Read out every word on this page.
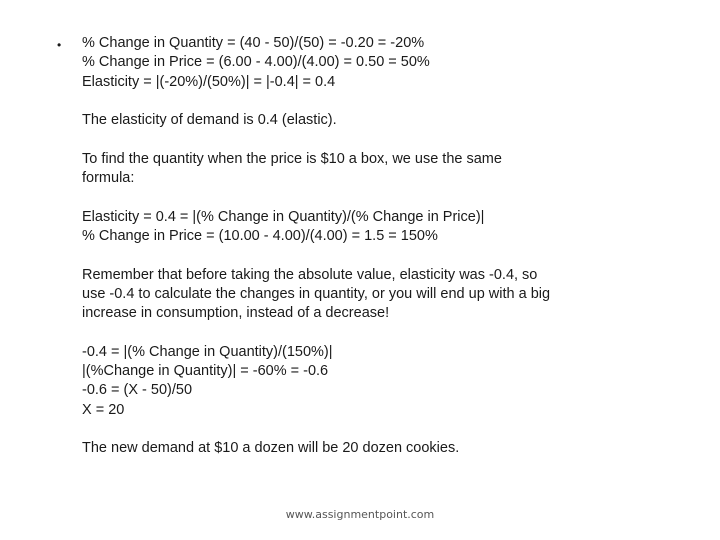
• % Change in Quantity = (40 - 50)/(50) = -0.20 = -20%
% Change in Price = (6.00 - 4.00)/(4.00) = 0.50 = 50%
Elasticity = |(-20%)/(50%)| = |-0.4| = 0.4
The elasticity of demand is 0.4 (elastic).
To find the quantity when the price is $10 a box, we use the same
formula:
Elasticity = 0.4 = |(% Change in Quantity)/(% Change in Price)|
% Change in Price = (10.00 - 4.00)/(4.00) = 1.5 = 150%
Remember that before taking the absolute value, elasticity was -0.4, so
use -0.4 to calculate the changes in quantity, or you will end up with a big
increase in consumption, instead of a decrease!
-0.4 = |(% Change in Quantity)/(150%)|
|(%Change in Quantity)| = -60% = -0.6
-0.6 = (X - 50)/50
X = 20
The new demand at $10 a dozen will be 20 dozen cookies.
www.assignmentpoint.com
